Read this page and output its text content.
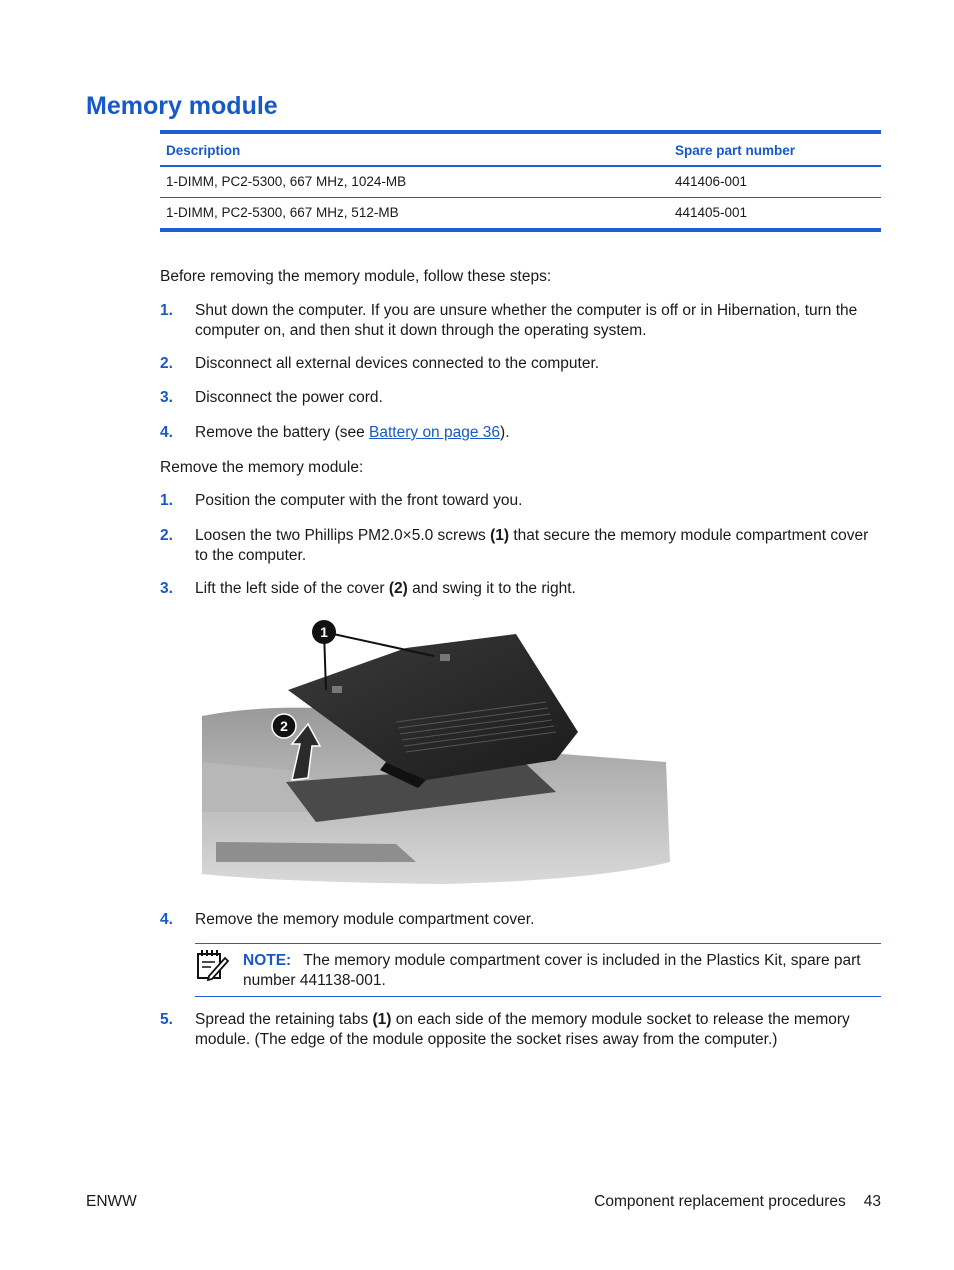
Memory module
Description	Spare part number
1-DIMM, PC2-5300, 667 MHz, 1024-MB	441406-001
1-DIMM, PC2-5300, 667 MHz, 512-MB	441405-001
Before removing the memory module, follow these steps:
1. Shut down the computer. If you are unsure whether the computer is off or in Hibernation, turn the computer on, and then shut it down through the operating system.
2. Disconnect all external devices connected to the computer.
3. Disconnect the power cord.
4. Remove the battery (see Battery on page 36).
Remove the memory module:
1. Position the computer with the front toward you.
2. Loosen the two Phillips PM2.0×5.0 screws (1) that secure the memory module compartment cover to the computer.
3. Lift the left side of the cover (2) and swing it to the right.
1
2
4. Remove the memory module compartment cover.
NOTE: The memory module compartment cover is included in the Plastics Kit, spare part number 441138-001.
5. Spread the retaining tabs (1) on each side of the memory module socket to release the memory module. (The edge of the module opposite the socket rises away from the computer.)
ENWW	Component replacement procedures 43
